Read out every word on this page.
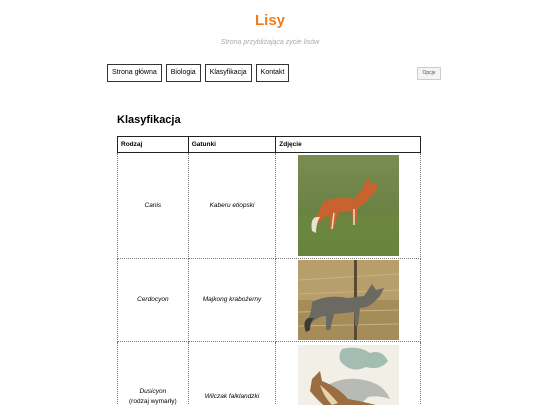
Lisy
Strona przybliżająca życie lisów
Strona główna	Biologia	Klasyfikacja	Kontakt	Opcje
Klasyfikacja
Rodzaj	Gatunki	Zdjęcie
Canis	Kaberu etiopski	

Cerdocyon	Majkong krabożerny	

Dusicyon
(rodzaj wymarły)	Wilczak falklandzki	
